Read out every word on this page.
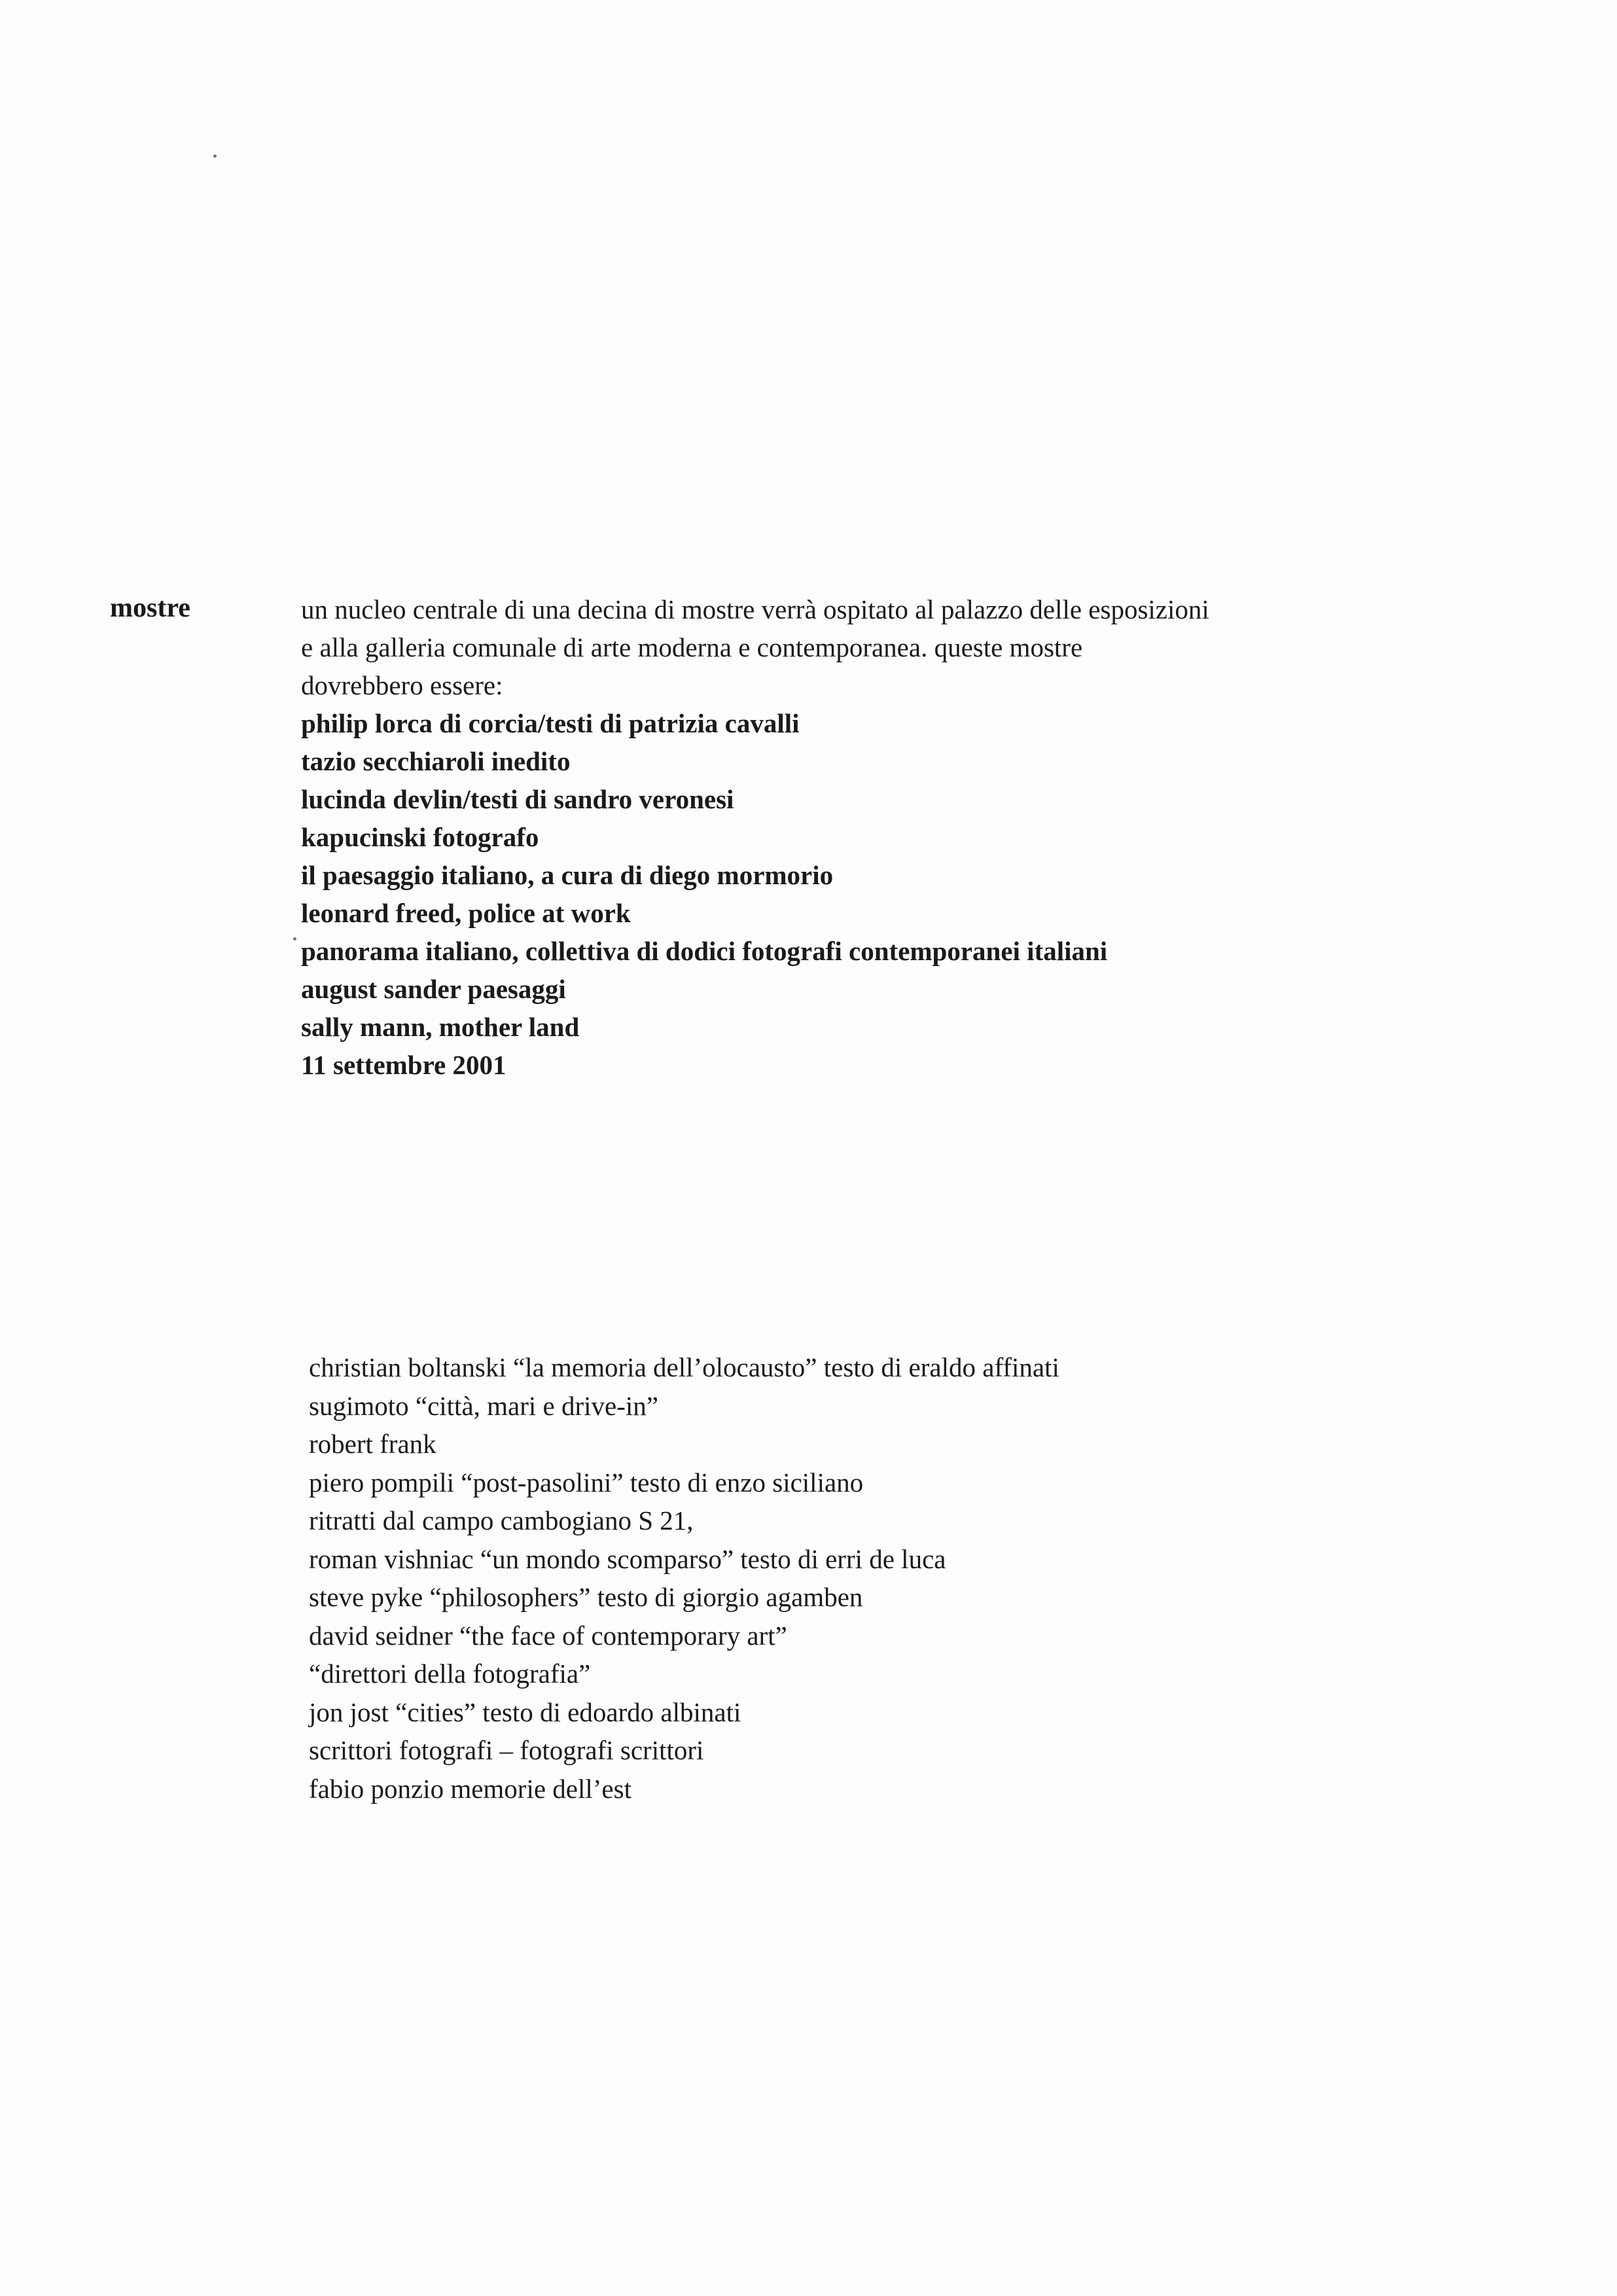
mostre	un nucleo centrale di una decina di mostre verrà ospitato al palazzo delle esposizioni

e alla galleria comunale di arte moderna e contemporanea. queste mostre

dovrebbero essere:

philip lorca di corcia/testi di patrizia cavalli
tazio secchiaroli inedito
lucinda devlin/testi di sandro veronesi
kapucinski fotografo
il paesaggio italiano, a cura di diego mormorio
leonard freed, police at work
panorama italiano, collettiva di dodici fotografi contemporanei italiani
august sander paesaggi
sally mann, mother land
11 settembre 2001
christian boltanski “la memoria dell’olocausto” testo di eraldo affinati
sugimoto “città, mari e drive-in”
robert frank
piero pompili “post-pasolini” testo di enzo siciliano
ritratti dal campo cambogiano S 21,
roman vishniac “un mondo scomparso” testo di erri de luca
steve pyke “philosophers” testo di giorgio agamben
david seidner “the face of contemporary art”
“direttori della fotografia”
jon jost “cities” testo di edoardo albinati
scrittori fotografi – fotografi scrittori
fabio ponzio memorie dell’est
